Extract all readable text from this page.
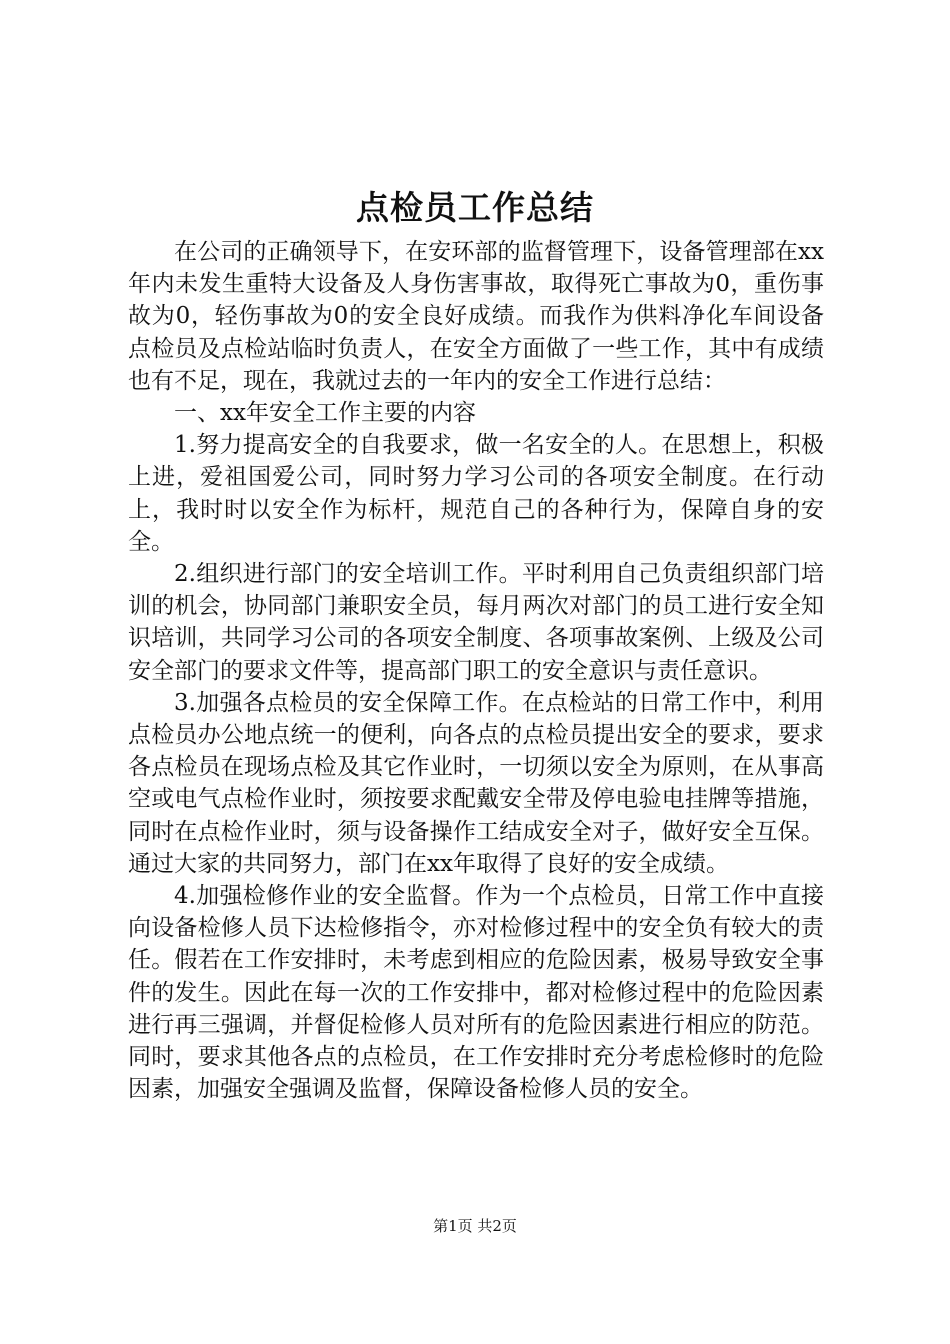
点检员工作总结

在公司的正确领导下，在安环部的监督管理下，设备管理部在xx年内未发生重特大设备及人身伤害事故，取得死亡事故为0，重伤事故为0，轻伤事故为0的安全良好成绩。而我作为供料净化车间设备点检员及点检站临时负责人，在安全方面做了一些工作，其中有成绩也有不足，现在，我就过去的一年内的安全工作进行总结：

一、xx年安全工作主要的内容

1.努力提高安全的自我要求，做一名安全的人。在思想上，积极上进，爱祖国爱公司，同时努力学习公司的各项安全制度。在行动上，我时时以安全作为标杆，规范自己的各种行为，保障自身的安全。

2.组织进行部门的安全培训工作。平时利用自己负责组织部门培训的机会，协同部门兼职安全员，每月两次对部门的员工进行安全知识培训，共同学习公司的各项安全制度、各项事故案例、上级及公司安全部门的要求文件等，提高部门职工的安全意识与责任意识。

3.加强各点检员的安全保障工作。在点检站的日常工作中，利用点检员办公地点统一的便利，向各点的点检员提出安全的要求，要求各点检员在现场点检及其它作业时，一切须以安全为原则，在从事高空或电气点检作业时，须按要求配戴安全带及停电验电挂牌等措施，同时在点检作业时，须与设备操作工结成安全对子，做好安全互保。通过大家的共同努力，部门在xx年取得了良好的安全成绩。

4.加强检修作业的安全监督。作为一个点检员，日常工作中直接向设备检修人员下达检修指令，亦对检修过程中的安全负有较大的责任。假若在工作安排时，未考虑到相应的危险因素，极易导致安全事件的发生。因此在每一次的工作安排中，都对检修过程中的危险因素进行再三强调，并督促检修人员对所有的危险因素进行相应的防范。同时，要求其他各点的点检员，在工作安排时充分考虑检修时的危险因素，加强安全强调及监督，保障设备检修人员的安全。

第1页 共2页
